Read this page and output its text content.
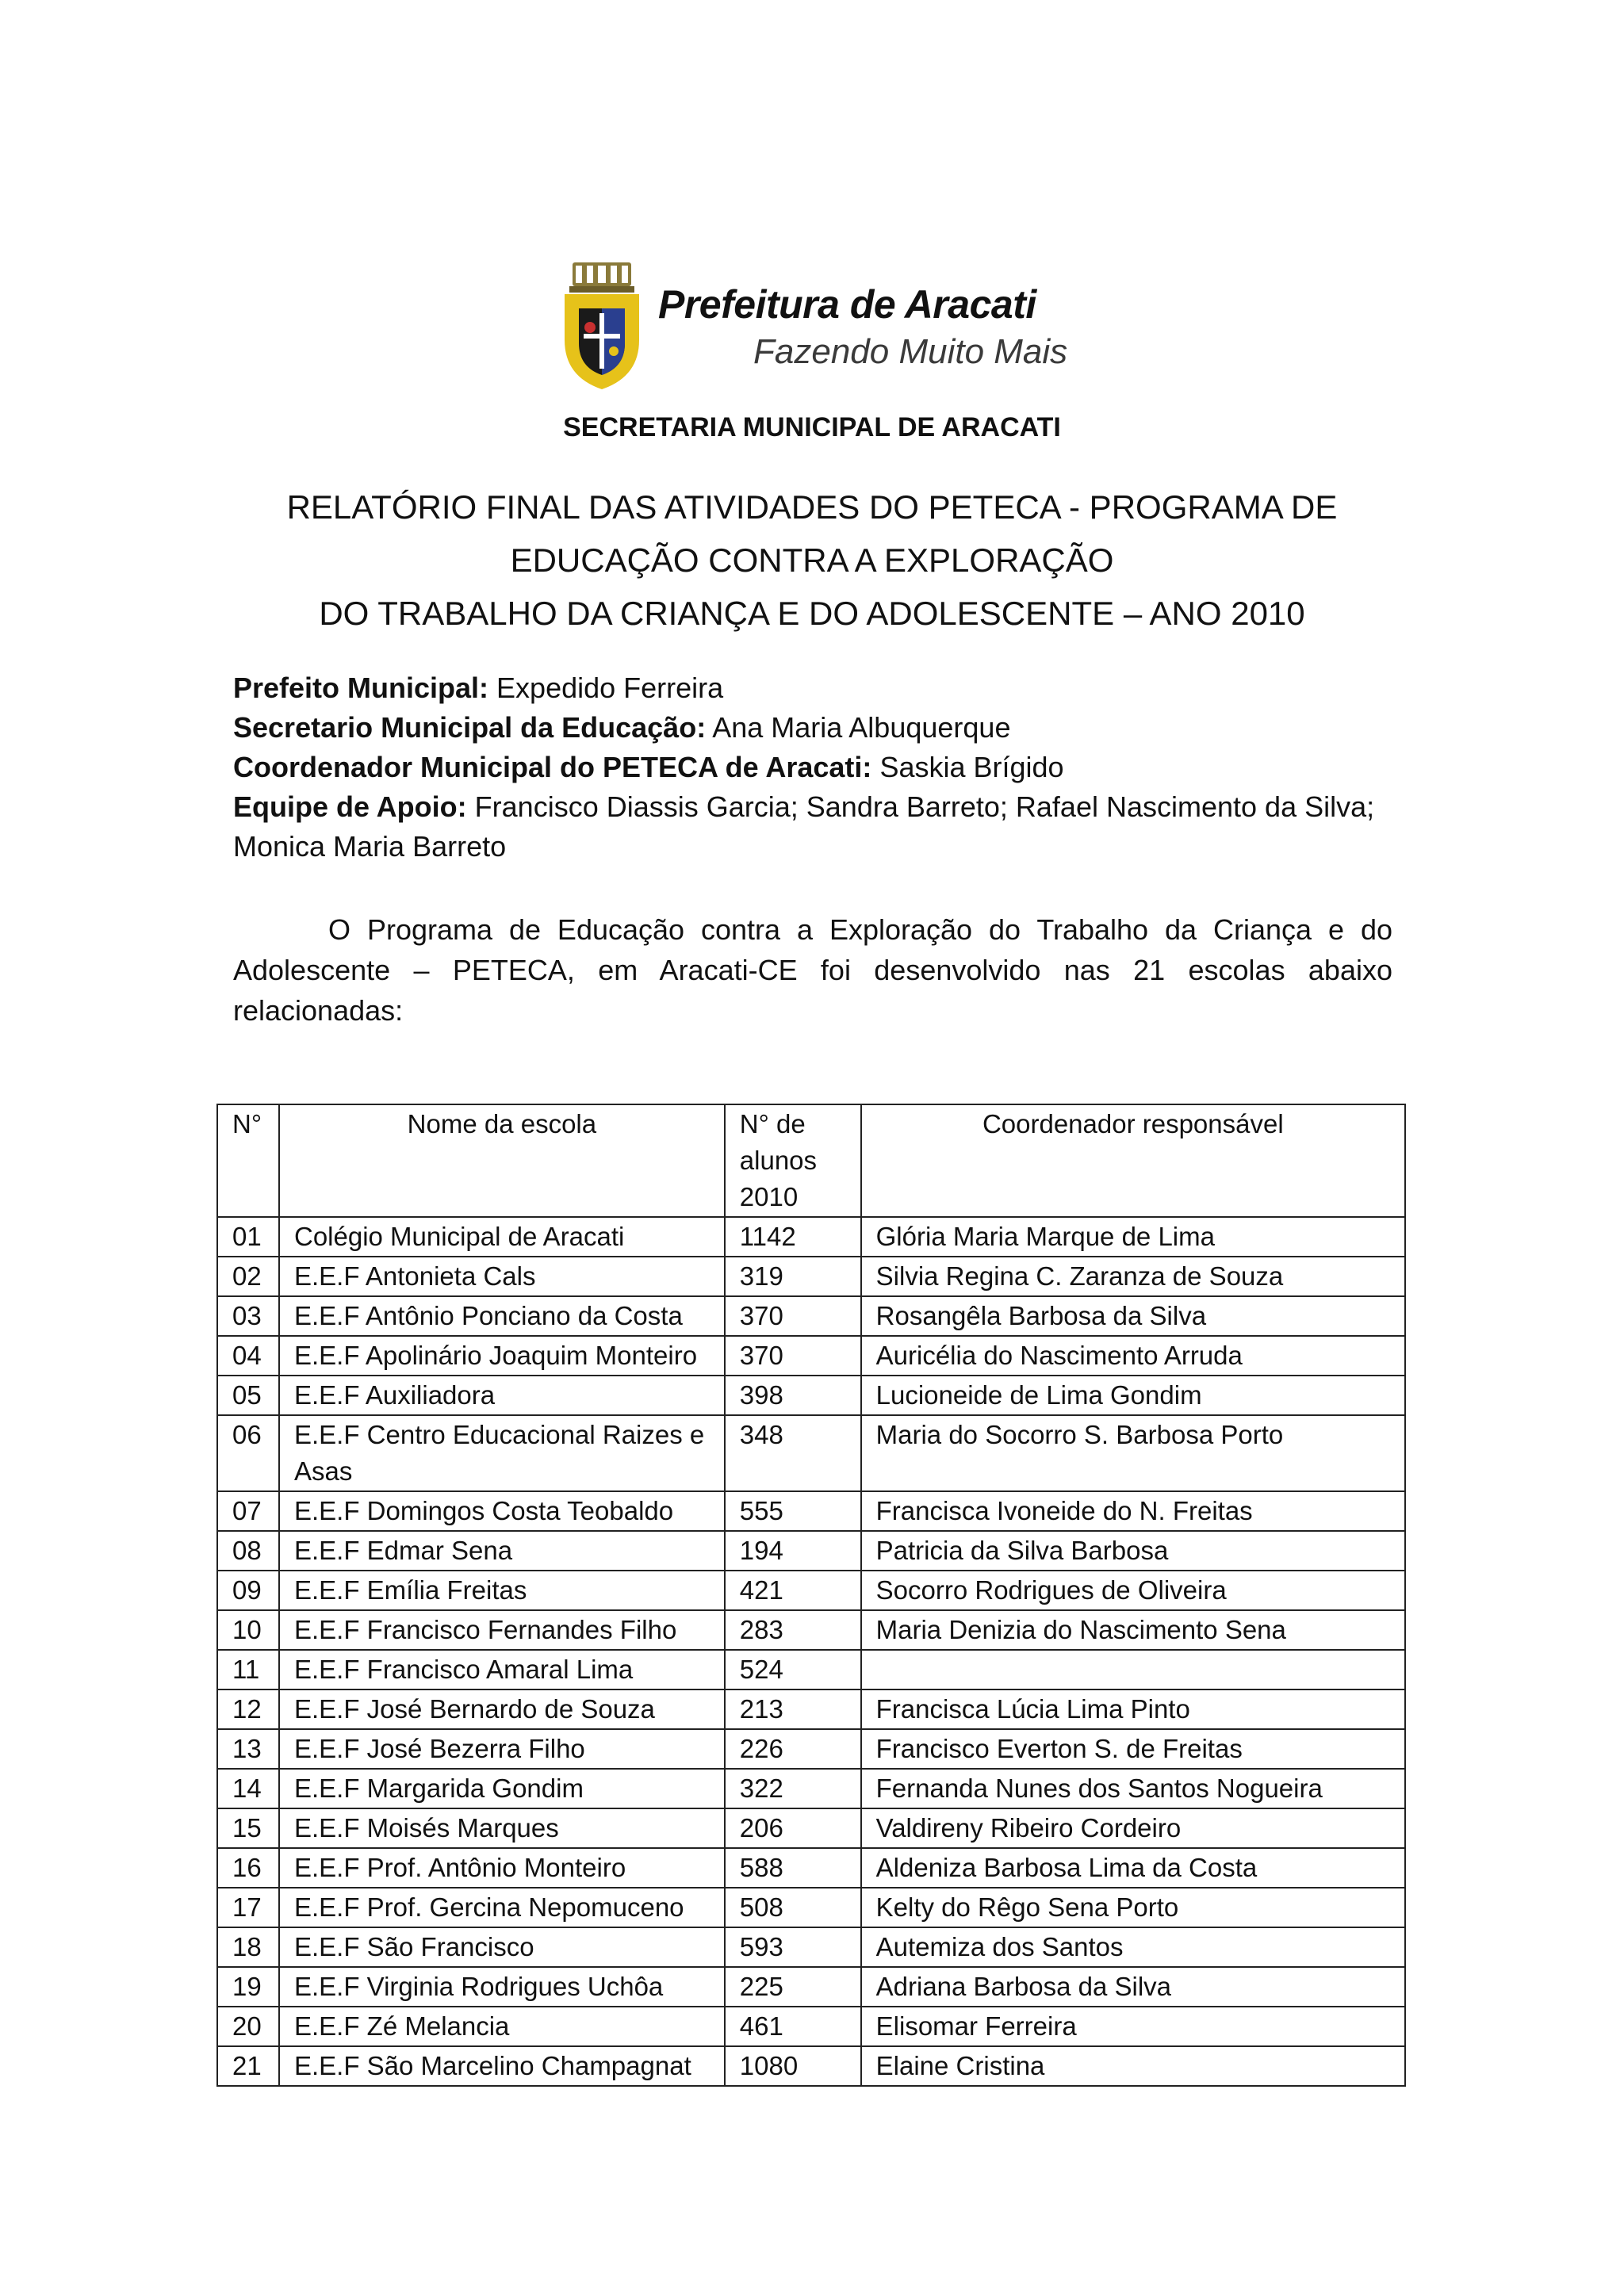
Prefeitura de Aracati
Fazendo Muito Mais
SECRETARIA MUNICIPAL DE ARACATI
RELATÓRIO FINAL DAS ATIVIDADES DO PETECA - PROGRAMA DE
EDUCAÇÃO CONTRA A EXPLORAÇÃO
DO TRABALHO DA CRIANÇA E DO ADOLESCENTE – ANO 2010
Prefeito Municipal: Expedido Ferreira
Secretario Municipal da Educação: Ana Maria Albuquerque
Coordenador Municipal do PETECA de Aracati: Saskia Brígido
Equipe de Apoio: Francisco Diassis Garcia; Sandra Barreto; Rafael Nascimento da Silva; Monica Maria Barreto
O Programa de Educação contra a Exploração do Trabalho da Criança e do Adolescente – PETECA, em Aracati-CE foi desenvolvido nas 21 escolas abaixo relacionadas:
N°	Nome da escola	N° de alunos 2010	Coordenador responsável
01	Colégio Municipal de Aracati	1142	Glória Maria Marque de Lima
02	E.E.F Antonieta Cals	319	Silvia Regina C. Zaranza de Souza
03	E.E.F Antônio Ponciano da Costa	370	Rosangêla Barbosa da Silva
04	E.E.F Apolinário Joaquim Monteiro	370	Auricélia do Nascimento Arruda
05	E.E.F Auxiliadora	398	Lucioneide de Lima Gondim
06	E.E.F Centro Educacional Raizes e Asas	348	Maria do Socorro S. Barbosa Porto
07	E.E.F Domingos Costa Teobaldo	555	Francisca Ivoneide do N. Freitas
08	E.E.F Edmar Sena	194	Patricia da Silva Barbosa
09	E.E.F Emília Freitas	421	Socorro Rodrigues de Oliveira
10	E.E.F Francisco Fernandes Filho	283	Maria Denizia do Nascimento Sena
11	E.E.F Francisco Amaral Lima	524	
12	E.E.F José Bernardo de Souza	213	Francisca Lúcia Lima Pinto
13	E.E.F José Bezerra Filho	226	Francisco Everton S. de Freitas
14	E.E.F Margarida Gondim	322	Fernanda Nunes dos Santos Nogueira
15	E.E.F Moisés Marques	206	Valdireny Ribeiro Cordeiro
16	E.E.F Prof. Antônio Monteiro	588	Aldeniza Barbosa Lima da Costa
17	E.E.F Prof. Gercina Nepomuceno	508	Kelty do Rêgo Sena Porto
18	E.E.F São Francisco	593	Autemiza dos Santos
19	E.E.F Virginia Rodrigues Uchôa	225	Adriana Barbosa da Silva
20	E.E.F Zé Melancia	461	Elisomar Ferreira
21	E.E.F São Marcelino Champagnat	1080	Elaine Cristina
